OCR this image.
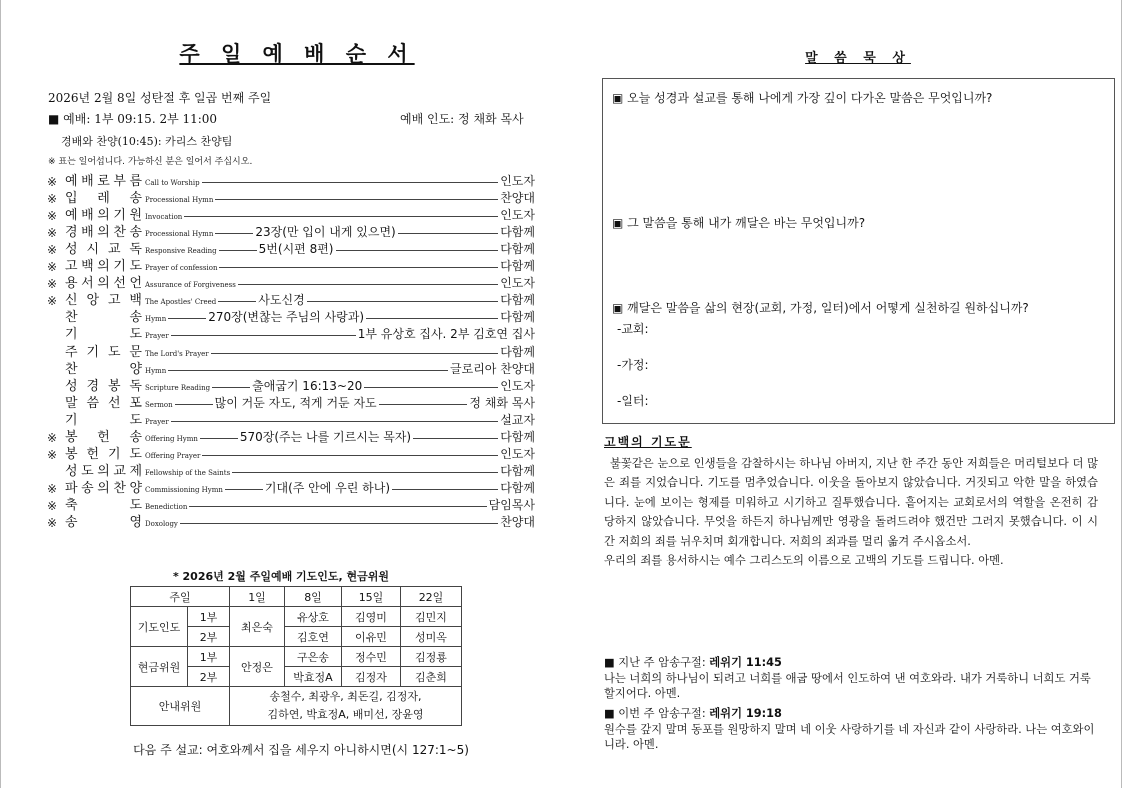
주 일 예 배 순 서
2026년 2월 8일 성탄절 후 일곱 번째 주일
■ 예배: 1부 09:15. 2부 11:00	예배 인도: 정 채화 목사
경배와 찬양(10:45): 카리스 찬양팀
※ 표는 일어섭니다. 가능하신 분은 일어서 주십시오.
※ 예 배 로 부 름 Call to Worship	인도자
※ 입 레 송 Processional Hymn	찬양대
※ 예 배 의 기 원 Invocation	인도자
※ 경 배 의 찬 송 Processional Hymn	23장(만 입이 내게 있으면)	다함께
※ 성 시 교 독 Responsive Reading	5번(시편 8편)	다함께
※ 고 백 의 기 도 Prayer of confession	다함께
※ 용 서 의 선 언 Assurance of Forgiveness	인도자
※ 신 앙 고 백 The Apostles' Creed	사도신경	다함께
찬	송 Hymn	270장(변찮는 주님의 사랑과)	다함께
기	도 Prayer	1부 유상호 집사. 2부 김호연 집사
주 기 도 문 The Lord's Prayer	다함께
찬	양 Hymn	글로리아 찬양대
성 경 봉 독 Scripture Reading	출애굽기 16:13~20	인도자
말 씀 선 포 Sermon	많이 거둔 자도, 적게 거둔 자도	정 채화 목사
기	도 Prayer	설교자
※ 봉 헌 송 Offering Hymn	570장(주는 나를 기르시는 목자)	다함께
※ 봉 헌 기 도 Offering Prayer	인도자
성 도 의 교 제 Fellowship of the Saints	다함께
※ 파 송 의 찬 양 Commissioning Hymn	기대(주 안에 우린 하나)	다함께
※ 축	도 Benediction	담임목사
※ 송	영 Doxology	찬양대
* 2026년 2월 주일예배 기도인도, 현금위원
주일		1일	8일	15일	22일
기도인도	1부	최은숙	유상호	김영미	김민지
	2부		김호연	이유민	성미옥
현금위원	1부	안정은	구은송	정수민	김정룡
	2부		박효정A	김정자	김춘희
안내위원		송철수, 최광우, 최돈길, 김정자,
김하연, 박효정A, 배미선, 장윤영			
다음 주 설교: 여호와께서 집을 세우지 아니하시면(시 127:1~5)
말 씀 묵 상
▣ 오늘 성경과 설교를 통해 나에게 가장 깊이 다가온 말씀은 무엇입니까?
▣ 그 말씀을 통해 내가 깨달은 바는 무엇입니까?
▣ 깨달은 말씀을 삶의 현장(교회, 가정, 일터)에서 어떻게 실천하길 원하십니까?
-교회:
-가정:
-일터:
고백의 기도문

불꽃같은 눈으로 인생들을 감찰하시는 하나님 아버지, 지난 한 주간 동안 저희들은 머리털보다 더 많은 죄를 지었습니다. 기도를 멈추었습니다. 이웃을 돌아보지 않았습니다. 거짓되고 악한 말을 하였습니다. 눈에 보이는 형제를 미워하고 시기하고 질투했습니다. 흩어지는 교회로서의 역할을 온전히 감당하지 않았습니다. 무엇을 하든지 하나님께만 영광을 돌려드려야 했건만 그러지 못했습니다. 이 시간 저희의 죄를 뉘우치며 회개합니다. 저희의 죄과를 멀리 옮겨 주시옵소서.

우리의 죄를 용서하시는 예수 그리스도의 이름으로 고백의 기도를 드립니다. 아멘.

■ 지난 주 암송구절: 레위기 11:45
나는 너희의 하나님이 되려고 너희를 애굽 땅에서 인도하여 낸 여호와라. 내가 거룩하니 너희도 거룩할지어다. 아멘.
■ 이번 주 암송구절: 레위기 19:18
원수를 갚지 말며 동포를 원망하지 말며 네 이웃 사랑하기를 네 자신과 같이 사랑하라. 나는 여호와이니라. 아멘.
